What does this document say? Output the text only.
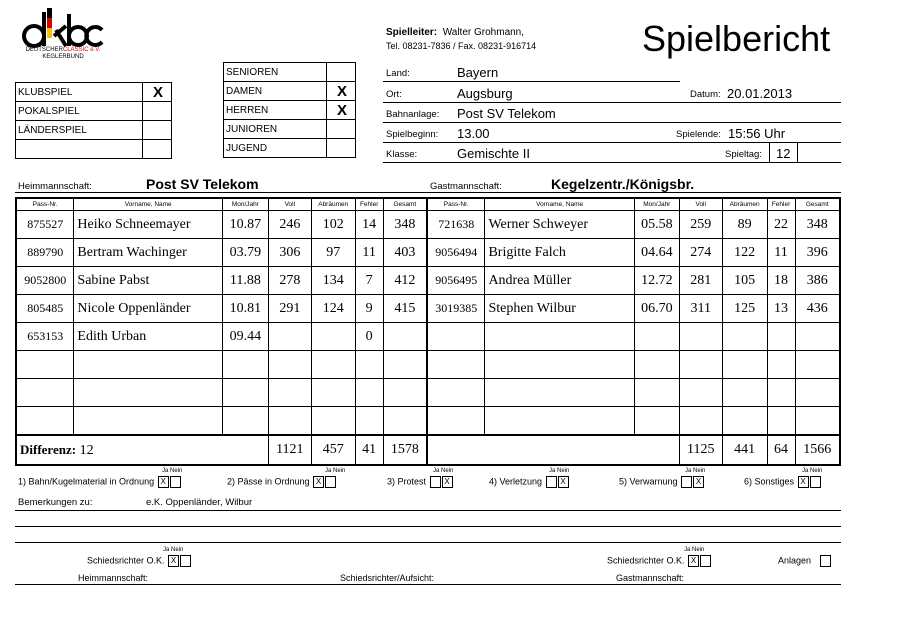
DEUTSCHERCLASSIC e.V.
KEGLERBUND
Spielleiter: Walter Grohmann,
Tel. 08231-7836 / Fax. 08231-916714	Spielbericht
KLUBSPIEL	X
POKALSPIEL	
LÄNDERSPIEL	

SENIOREN	
DAMEN	X
HERREN	X
JUNIOREN	
JUGEND	
Land:	Bayern
Ort:	Augsburg	Datum: 20.01.2013
Bahnanlage: Post SV Telekom
Spielbeginn: 13.00	Spielende: 15:56 Uhr
Klasse:	Gemischte II	Spieltag: 12
Heimmannschaft:	Post SV Telekom	Gastmannschaft:	Kegelzentr./Königsbr.
Pass-Nr.	Vorname, Name	Mon/Jahr	Voll	Abräumen	Fehler	Gesamt	Pass-Nr.	Vorname, Name	Mon/Jahr	Voll	Abräumen	Fehler	Gesamt
875527	Heiko Schneemayer	10.87	246	102	14	348	721638	Werner Schweyer	05.58	259	89	22	348
889790	Bertram Wachinger	03.79	306	97	11	403	9056494	Brigitte Falch	04.64	274	122	11	396
9052800	Sabine Pabst	11.88	278	134	7	412	9056495	Andrea Müller	12.72	281	105	18	386
805485	Nicole Oppenländer	10.81	291	124	9	415	3019385	Stephen Wilbur	06.70	311	125	13	436
653153	Edith Urban	09.44			0								

Differenz: 12			1121	457	41	1578				1125	441	64	1566
1) Bahn/Kugelmaterial in Ordnung X
Ja Nein
2) Pässe in Ordnung X
Ja Nein
3) Protest X
Ja Nein
4) Verletzung X
Ja Nein
5) Verwarnung X
Ja Nein
6) Sonstiges X
Ja Nein
Bemerkungen zu:	e.K. Oppenländer, Wilbur
Schiedsrichter O.K. X
Ja Nein
Schiedsrichter O.K. X
Ja Nein
Anlagen
Heimmannschaft:	Schiedsrichter/Aufsicht:	Gastmannschaft:
